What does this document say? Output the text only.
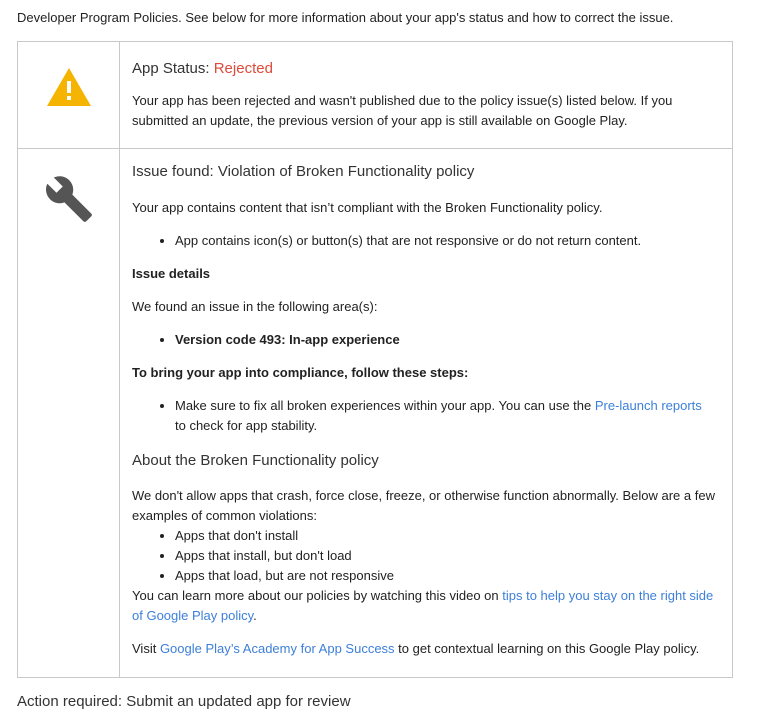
Developer Program Policies. See below for more information about your app's status and how to correct the issue.
App Status: Rejected
Your app has been rejected and wasn't published due to the policy issue(s) listed below. If you submitted an update, the previous version of your app is still available on Google Play.
Issue found: Violation of Broken Functionality policy
Your app contains content that isn’t compliant with the Broken Functionality policy.
• App contains icon(s) or button(s) that are not responsive or do not return content.
Issue details
We found an issue in the following area(s):
• Version code 493: In-app experience
To bring your app into compliance, follow these steps:
• Make sure to fix all broken experiences within your app. You can use the Pre-launch reports to check for app stability.
About the Broken Functionality policy
We don't allow apps that crash, force close, freeze, or otherwise function abnormally. Below are a few examples of common violations:
• Apps that don't install
• Apps that install, but don't load
• Apps that load, but are not responsive
You can learn more about our policies by watching this video on tips to help you stay on the right side of Google Play policy.
Visit Google Play’s Academy for App Success to get contextual learning on this Google Play policy.
Action required: Submit an updated app for review
